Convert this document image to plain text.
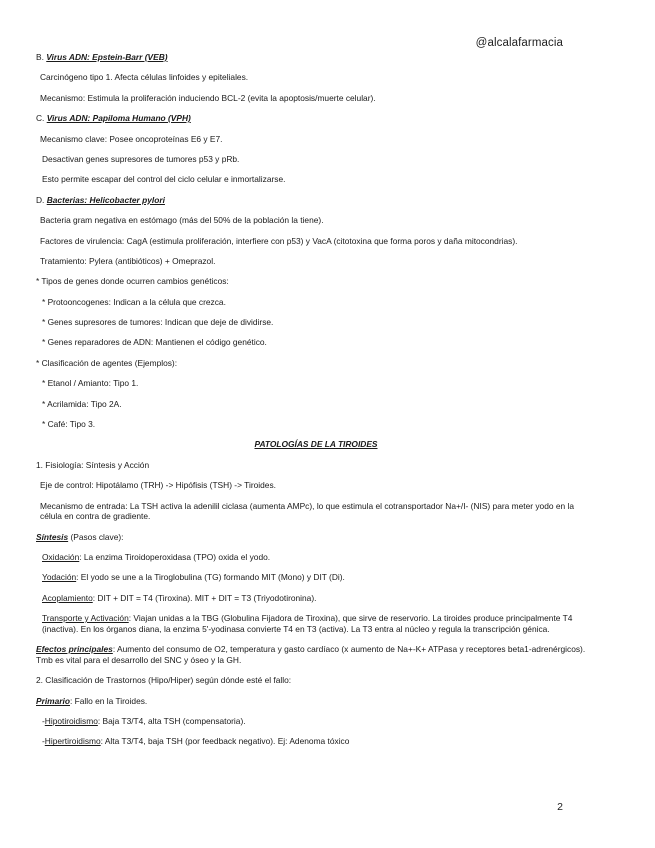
@alcalafarmacia

B. Virus ADN: Epstein-Barr (VEB)

Carcinógeno tipo 1. Afecta células linfoides y epiteliales.

Mecanismo: Estimula la proliferación induciendo BCL-2 (evita la apoptosis/muerte celular).

C. Virus ADN: Papiloma Humano (VPH)

Mecanismo clave: Posee oncoproteínas E6 y E7.

Desactivan genes supresores de tumores p53 y pRb.

Esto permite escapar del control del ciclo celular e inmortalizarse.

D. Bacterias: Helicobacter pylori

Bacteria gram negativa en estómago (más del 50% de la población la tiene).

Factores de virulencia: CagA (estimula proliferación, interfiere con p53) y VacA (citotoxina que forma poros y daña mitocondrias).

Tratamiento: Pylera (antibióticos) + Omeprazol.

* Tipos de genes donde ocurren cambios genéticos:

* Protooncogenes: Indican a la célula que crezca.

* Genes supresores de tumores: Indican que deje de dividirse.

* Genes reparadores de ADN: Mantienen el código genético.

* Clasificación de agentes (Ejemplos):

* Etanol / Amianto: Tipo 1.

* Acrilamida: Tipo 2A.

* Café: Tipo 3.

PATOLOGÍAS DE LA TIROIDES

1. Fisiología: Síntesis y Acción

Eje de control: Hipotálamo (TRH) -> Hipófisis (TSH) -> Tiroides.

Mecanismo de entrada: La TSH activa la adenilil ciclasa (aumenta AMPc), lo que estimula el cotransportador Na+/I- (NIS) para meter yodo en la célula en contra de gradiente.

Síntesis (Pasos clave):

Oxidación: La enzima Tiroidoperoxidasa (TPO) oxida el yodo.

Yodación: El yodo se une a la Tiroglobulina (TG) formando MIT (Mono) y DIT (Di).

Acoplamiento: DIT + DIT = T4 (Tiroxina). MIT + DIT = T3 (Triyodotironina).

Transporte y Activación: Viajan unidas a la TBG (Globulina Fijadora de Tiroxina), que sirve de reservorio. La tiroides produce principalmente T4 (inactiva). En los órganos diana, la enzima 5'-yodinasa convierte T4 en T3 (activa). La T3 entra al núcleo y regula la transcripción génica.

Efectos principales: Aumento del consumo de O2, temperatura y gasto cardíaco (x aumento de Na+-K+ ATPasa y receptores beta1-adrenérgicos). Tmb es vital para el desarrollo del SNC y óseo y la GH.

2. Clasificación de Trastornos (Hipo/Hiper) según dónde esté el fallo:

Primario: Fallo en la Tiroides.

-Hipotiroidismo: Baja T3/T4, alta TSH (compensatoria).

-Hipertiroidismo: Alta T3/T4, baja TSH (por feedback negativo). Ej: Adenoma tóxico

2
